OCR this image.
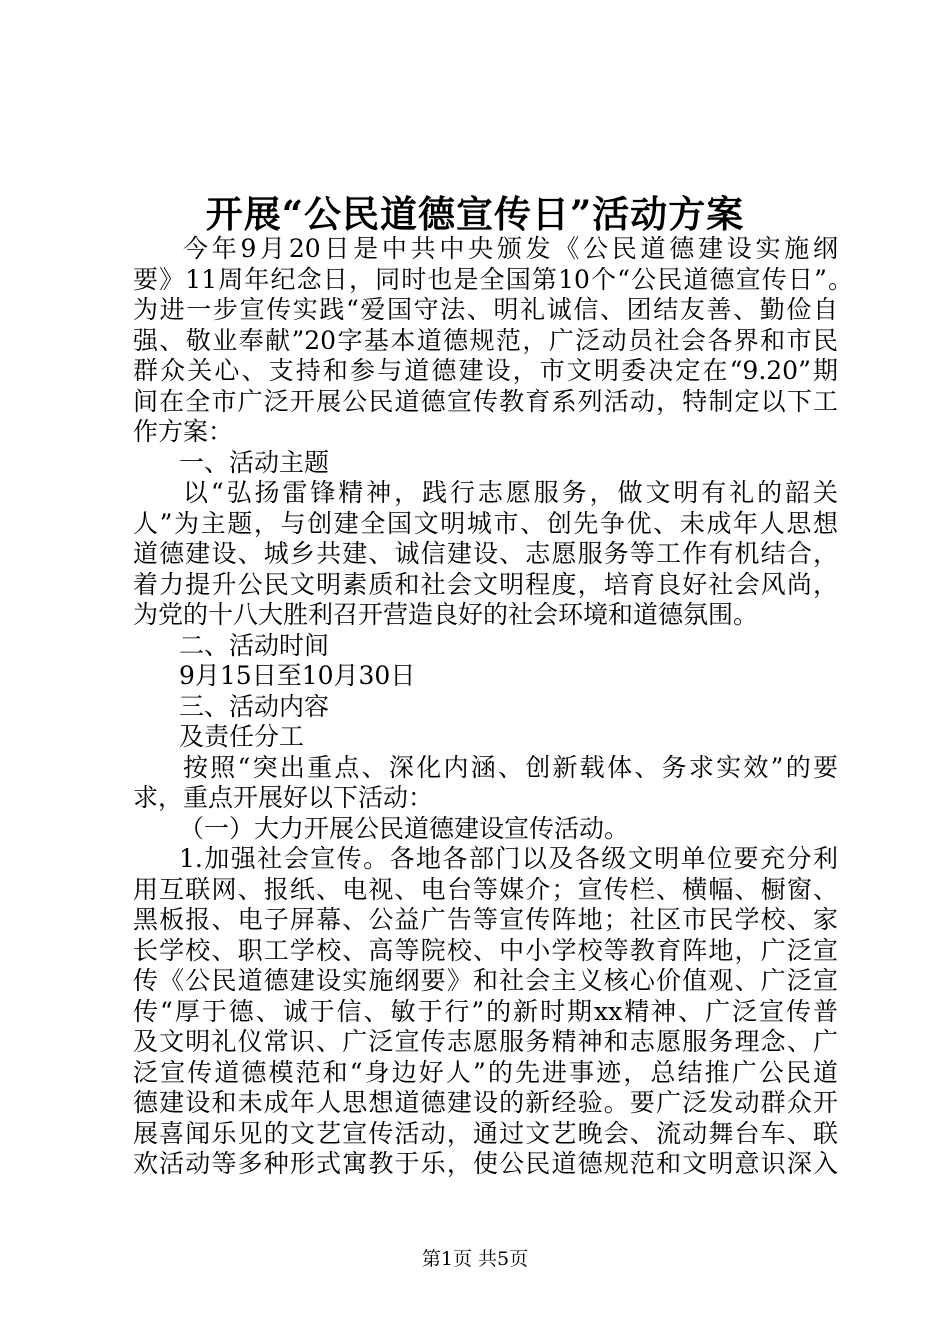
开展“公民道德宣传日”活动方案
今年9月20日是中共中央颁发《公民道德建设实施纲
要》11周年纪念日，同时也是全国第10个“公民道德宣传日”。
为进一步宣传实践“爱国守法、明礼诚信、团结友善、勤俭自
强、敬业奉献”20字基本道德规范，广泛动员社会各界和市民
群众关心、支持和参与道德建设，市文明委决定在“9.20”期
间在全市广泛开展公民道德宣传教育系列活动，特制定以下工
作方案：
一、活动主题
以“弘扬雷锋精神，践行志愿服务，做文明有礼的韶关
人”为主题，与创建全国文明城市、创先争优、未成年人思想
道德建设、城乡共建、诚信建设、志愿服务等工作有机结合，
着力提升公民文明素质和社会文明程度，培育良好社会风尚，
为党的十八大胜利召开营造良好的社会环境和道德氛围。
二、活动时间
9月15日至10月30日
三、活动内容
及责任分工
按照“突出重点、深化内涵、创新载体、务求实效”的要
求，重点开展好以下活动：
（一）大力开展公民道德建设宣传活动。
1.加强社会宣传。各地各部门以及各级文明单位要充分利
用互联网、报纸、电视、电台等媒介；宣传栏、横幅、橱窗、
黑板报、电子屏幕、公益广告等宣传阵地；社区市民学校、家
长学校、职工学校、高等院校、中小学校等教育阵地，广泛宣
传《公民道德建设实施纲要》和社会主义核心价值观、广泛宣
传“厚于德、诚于信、敏于行”的新时期xx精神、广泛宣传普
及文明礼仪常识、广泛宣传志愿服务精神和志愿服务理念、广
泛宣传道德模范和“身边好人”的先进事迹，总结推广公民道
德建设和未成年人思想道德建设的新经验。要广泛发动群众开
展喜闻乐见的文艺宣传活动，通过文艺晚会、流动舞台车、联
欢活动等多种形式寓教于乐，使公民道德规范和文明意识深入
第1页 共5页
